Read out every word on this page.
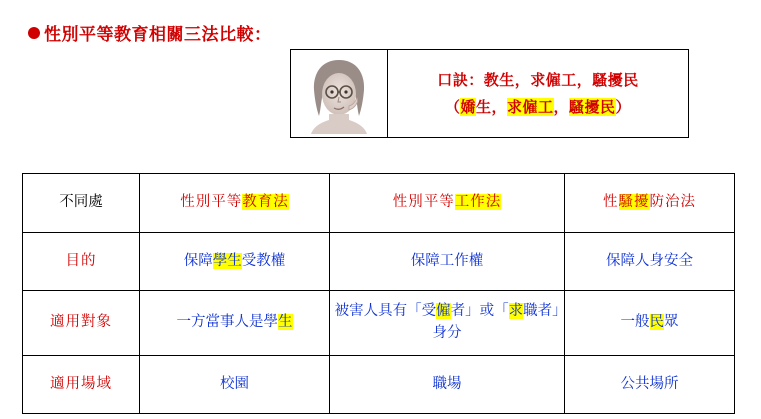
性別平等教育相關三法比較：
口訣：教生，求僱工，騷擾民
（嬌生，求僱工，騷擾民）
不同處	性別平等教育法	性別平等工作法	性騷擾防治法
目的	保障學生受教權	保障工作權	保障人身安全
適用對象	一方當事人是學生	被害人具有「受僱者」或「求職者」身分	一般民眾
適用場域	校園	職場	公共場所
